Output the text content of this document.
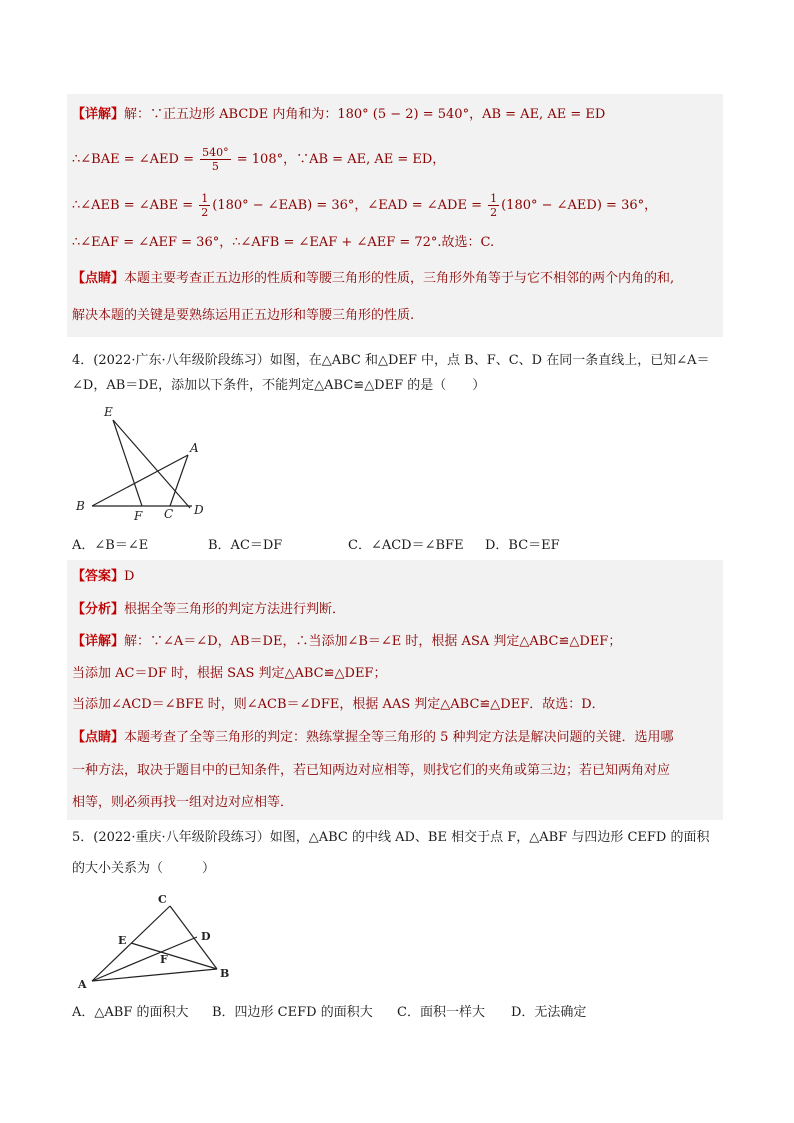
【详解】解：∵正五边形 ABCDE 内角和为：180° (5 − 2) = 540°，AB = AE, AE = ED
∴∠BAE = ∠AED = $\frac{540^\circ}{5} = 108^\circ$，∵AB = AE, AE = ED，
∴∠AEB = ∠ABE = $\frac{1}{2} (180^\circ$ − ∠EAB) = 36°，∠EAD = ∠ADE = $\frac{1}{2} (180^\circ$ − ∠AED) = 36°，
∴∠EAF = ∠AEF = 36°，∴∠AFB = ∠EAF + ∠AEF = 72°.故选：C.
【点睛】本题主要考查正五边形的性质和等腰三角形的性质，三角形外角等于与它不相邻的两个内角的和,
解决本题的关键是要熟练运用正五边形和等腰三角形的性质.
4．(2022·广东·八年级阶段练习）如图，在△ABC 和△DEF 中，点 B、F、C、D 在同一条直线上，已知∠A＝
∠D，AB＝DE，添加以下条件，不能判定△ABC≌△DEF 的是（　　）
E
A
B
F C D
A．∠B＝∠E	B．AC＝DF	C．∠ACD＝∠BFE D．BC＝EF
【答案】D
【分析】根据全等三角形的判定方法进行判断．
【详解】解：∵∠A＝∠D，AB＝DE，∴当添加∠B＝∠E 时，根据 ASA 判定△ABC≌△DEF；
当添加 AC＝DF 时，根据 SAS 判定△ABC≌△DEF；
当添加∠ACD＝∠BFE 时，则∠ACB＝∠DFE，根据 AAS 判定△ABC≌△DEF．故选：D．
【点睛】本题考查了全等三角形的判定：熟练掌握全等三角形的 5 种判定方法是解决问题的关键．选用哪
一种方法，取决于题目中的已知条件，若已知两边对应相等，则找它们的夹角或第三边；若已知两角对应
相等，则必须再找一组对边对应相等．
5．(2022·重庆·八年级阶段练习）如图，△ABC 的中线 AD、BE 相交于点 F，△ABF 与四边形 CEFD 的面积
的大小关系为（　　　）
C
E	D
F
A
B
A．△ABF 的面积大 B．四边形 CEFD 的面积大 C．面积一样大 D．无法确定
